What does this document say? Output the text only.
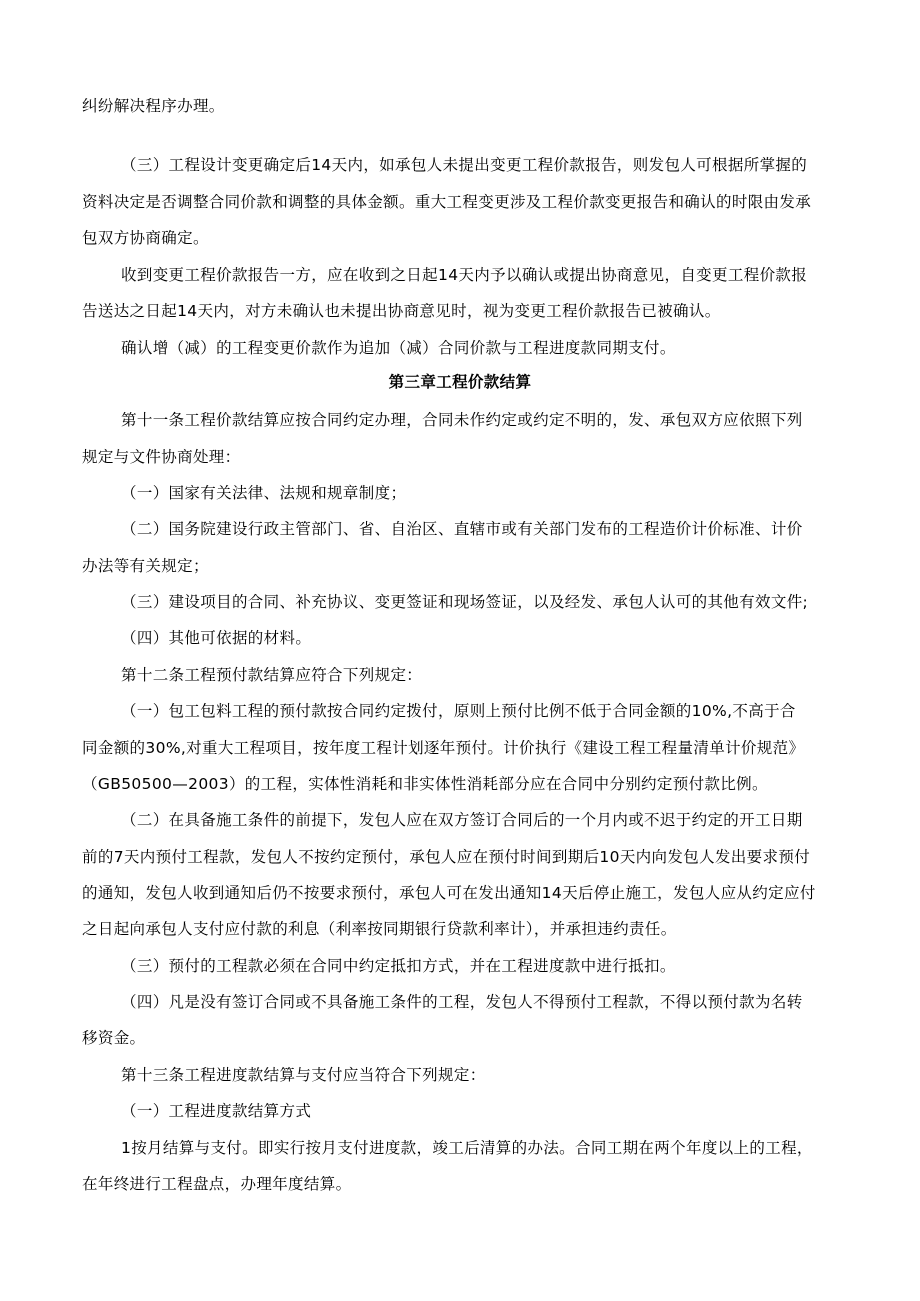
纠纷解决程序办理。
（三）工程设计变更确定后14天内，如承包人未提出变更工程价款报告，则发包人可根据所掌握的
资料决定是否调整合同价款和调整的具体金额。重大工程变更涉及工程价款变更报告和确认的时限由发承
包双方协商确定。
收到变更工程价款报告一方，应在收到之日起14天内予以确认或提出协商意见，自变更工程价款报
告送达之日起14天内，对方未确认也未提出协商意见时，视为变更工程价款报告已被确认。
确认增（减）的工程变更价款作为追加（减）合同价款与工程进度款同期支付。
第三章工程价款结算
第十一条工程价款结算应按合同约定办理，合同未作约定或约定不明的，发、承包双方应依照下列
规定与文件协商处理：
（一）国家有关法律、法规和规章制度；
（二）国务院建设行政主管部门、省、自治区、直辖市或有关部门发布的工程造价计价标准、计价
办法等有关规定；
（三）建设项目的合同、补充协议、变更签证和现场签证，以及经发、承包人认可的其他有效文件;
（四）其他可依据的材料。
第十二条工程预付款结算应符合下列规定：
（一）包工包料工程的预付款按合同约定拨付，原则上预付比例不低于合同金额的10%,不高于合
同金额的30%,对重大工程项目，按年度工程计划逐年预付。计价执行《建设工程工程量清单计价规范》
（GB50500—2003）的工程，实体性消耗和非实体性消耗部分应在合同中分别约定预付款比例。
（二）在具备施工条件的前提下，发包人应在双方签订合同后的一个月内或不迟于约定的开工日期
前的7天内预付工程款，发包人不按约定预付，承包人应在预付时间到期后10天内向发包人发出要求预付
的通知，发包人收到通知后仍不按要求预付，承包人可在发出通知14天后停止施工，发包人应从约定应付
之日起向承包人支付应付款的利息（利率按同期银行贷款利率计），并承担违约责任。
（三）预付的工程款必须在合同中约定抵扣方式，并在工程进度款中进行抵扣。
（四）凡是没有签订合同或不具备施工条件的工程，发包人不得预付工程款，不得以预付款为名转
移资金。
第十三条工程进度款结算与支付应当符合下列规定：
（一）工程进度款结算方式
1按月结算与支付。即实行按月支付进度款，竣工后清算的办法。合同工期在两个年度以上的工程，
在年终进行工程盘点，办理年度结算。
